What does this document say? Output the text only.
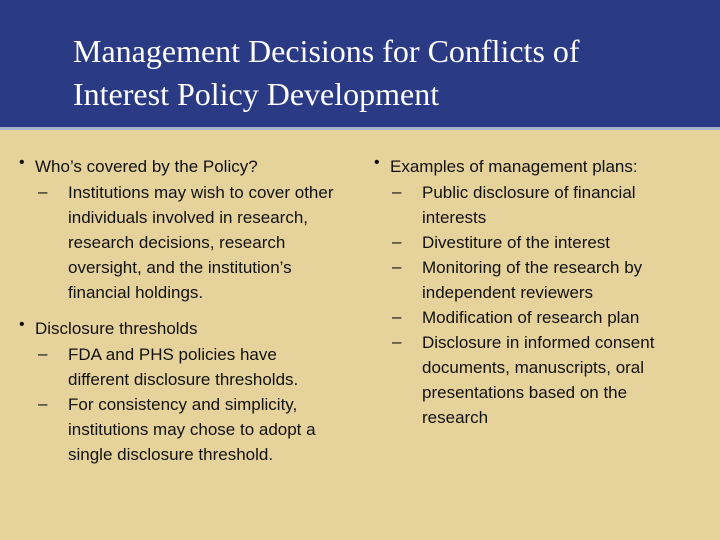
Management Decisions for Conflicts of
Interest Policy Development
• Who’s covered by the Policy?
– Institutions may wish to cover other
individuals involved in research,
research decisions, research
oversight, and the institution’s
financial holdings.
• Disclosure thresholds
– FDA and PHS policies have
different disclosure thresholds.
– For consistency and simplicity,
institutions may chose to adopt a
single disclosure threshold.
• Examples of management plans:
– Public disclosure of financial
interests
– Divestiture of the interest
– Monitoring of the research by
independent reviewers
– Modification of research plan
– Disclosure in informed consent
documents, manuscripts, oral
presentations based on the
research
